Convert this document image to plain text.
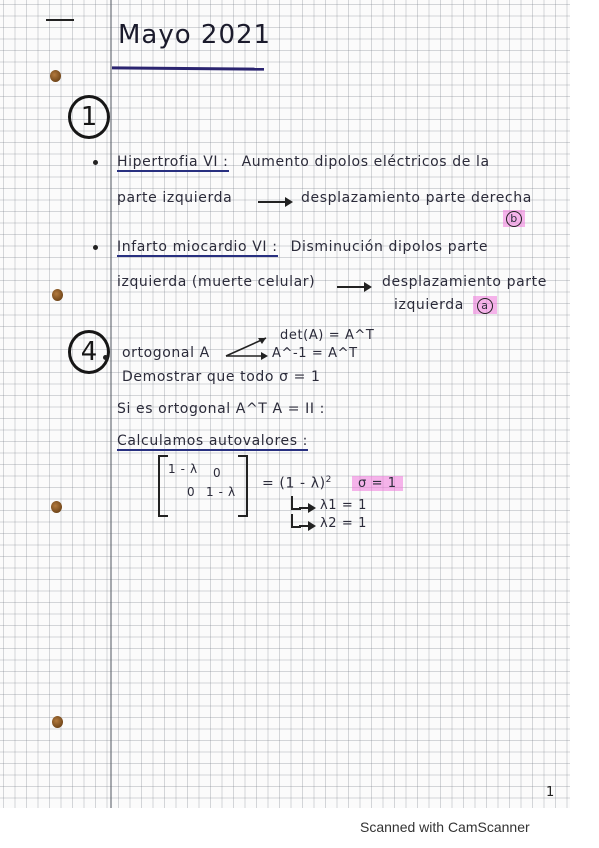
Mayo 2021
1
Hipertrofia VI : Aumento dipolos eléctricos de la
parte izquierda	desplazamiento parte derecha
b
Infarto miocardio VI : Disminución dipolos parte
izquierda (muerte celular)	desplazamiento parte
izquierda a
4 ortogonal A
det(A) = A^T
A^-1 = A^T
Demostrar que todo σ = 1
Si es ortogonal A^T A = II :
Calculamos autovalores :
1 - λ 0
0 1 - λ
= (1 - λ)$^2$	σ = 1
λ1 = 1
λ2 = 1
1
Scanned with CamScanner
